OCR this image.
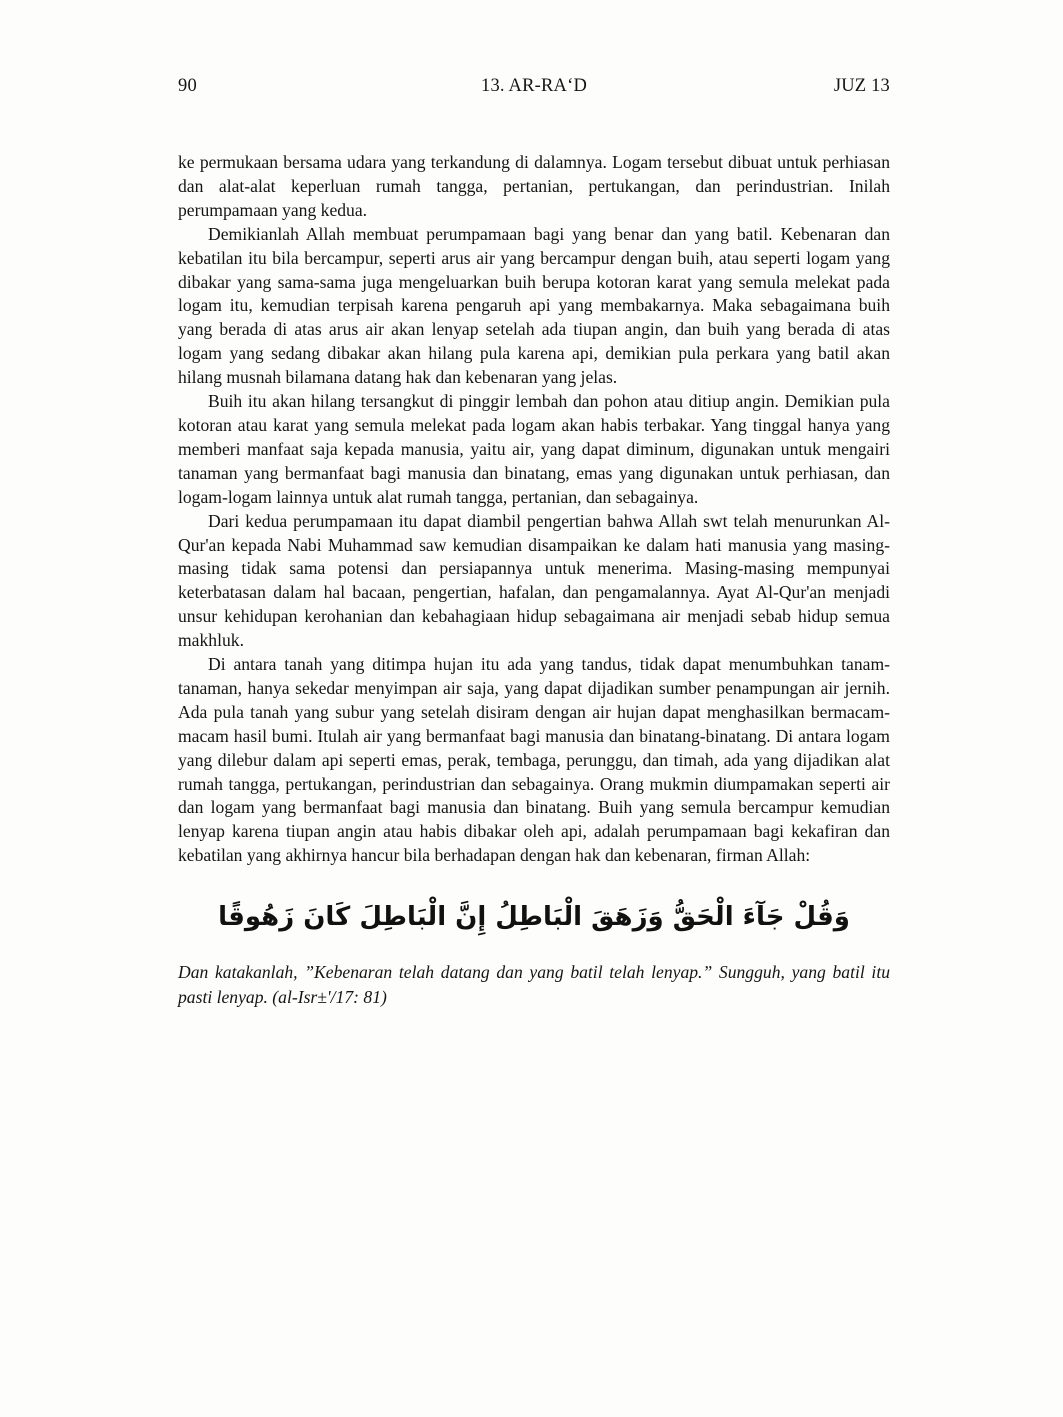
90	13. AR-RA‘D	JUZ 13

ke permukaan bersama udara yang terkandung di dalamnya. Logam tersebut dibuat untuk perhiasan dan alat-alat keperluan rumah tangga, pertanian, pertukangan, dan perindustrian. Inilah perumpamaan yang kedua.

Demikianlah Allah membuat perumpamaan bagi yang benar dan yang batil. Kebenaran dan kebatilan itu bila bercampur, seperti arus air yang bercampur dengan buih, atau seperti logam yang dibakar yang sama-sama juga mengeluarkan buih berupa kotoran karat yang semula melekat pada logam itu, kemudian terpisah karena pengaruh api yang membakarnya. Maka sebagaimana buih yang berada di atas arus air akan lenyap setelah ada tiupan angin, dan buih yang berada di atas logam yang sedang dibakar akan hilang pula karena api, demikian pula perkara yang batil akan hilang musnah bilamana datang hak dan kebenaran yang jelas.

Buih itu akan hilang tersangkut di pinggir lembah dan pohon atau ditiup angin. Demikian pula kotoran atau karat yang semula melekat pada logam akan habis terbakar. Yang tinggal hanya yang memberi manfaat saja kepada manusia, yaitu air, yang dapat diminum, digunakan untuk mengairi tanaman yang bermanfaat bagi manusia dan binatang, emas yang digunakan untuk perhiasan, dan logam-logam lainnya untuk alat rumah tangga, pertanian, dan sebagainya.

Dari kedua perumpamaan itu dapat diambil pengertian bahwa Allah swt telah menurunkan Al-Qur'an kepada Nabi Muhammad saw kemudian disampaikan ke dalam hati manusia yang masing-masing tidak sama potensi dan persiapannya untuk menerima. Masing-masing mempunyai keterbatasan dalam hal bacaan, pengertian, hafalan, dan pengamalannya. Ayat Al-Qur'an menjadi unsur kehidupan kerohanian dan kebahagiaan hidup sebagaimana air menjadi sebab hidup semua makhluk.

Di antara tanah yang ditimpa hujan itu ada yang tandus, tidak dapat menumbuhkan tanam-tanaman, hanya sekedar menyimpan air saja, yang dapat dijadikan sumber penampungan air jernih. Ada pula tanah yang subur yang setelah disiram dengan air hujan dapat menghasilkan bermacam-macam hasil bumi. Itulah air yang bermanfaat bagi manusia dan binatang-binatang. Di antara logam yang dilebur dalam api seperti emas, perak, tembaga, perunggu, dan timah, ada yang dijadikan alat rumah tangga, pertukangan, perindustrian dan sebagainya. Orang mukmin diumpamakan seperti air dan logam yang bermanfaat bagi manusia dan binatang. Buih yang semula bercampur kemudian lenyap karena tiupan angin atau habis dibakar oleh api, adalah perumpamaan bagi kekafiran dan kebatilan yang akhirnya hancur bila berhadapan dengan hak dan kebenaran, firman Allah:

وَقُلْ جَآءَ الْحَقُّ وَزَهَقَ الْبَاطِلُ إِنَّ الْبَاطِلَ كَانَ زَهُوقًا

Dan katakanlah, ”Kebenaran telah datang dan yang batil telah lenyap.” Sungguh, yang batil itu pasti lenyap. (al-Isr±'/17: 81)
